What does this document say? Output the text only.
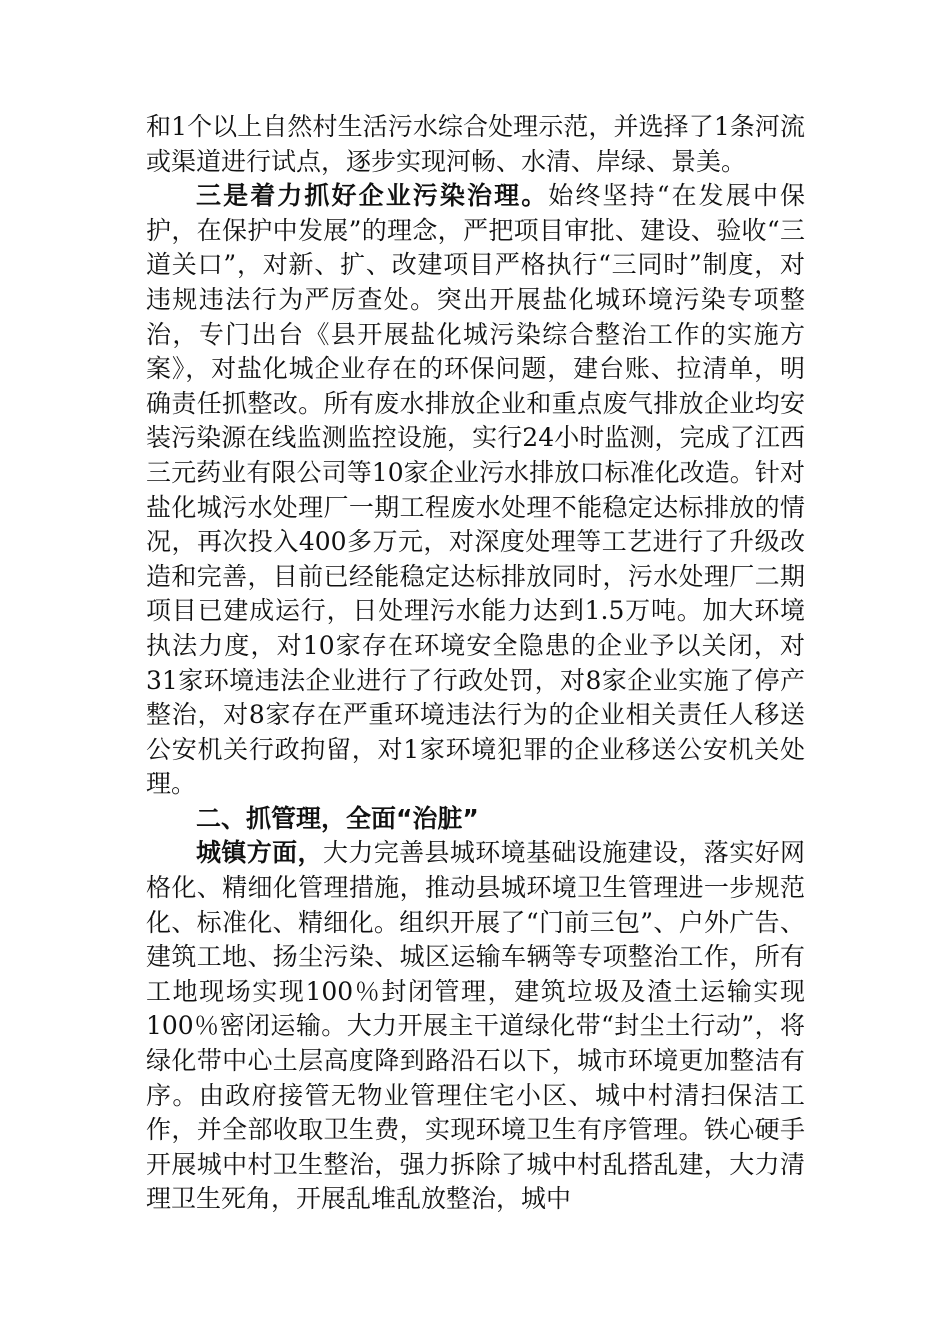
和1个以上自然村生活污水综合处理示范，并选择了1条河流或渠道进行试点，逐步实现河畅、水清、岸绿、景美。

三是着力抓好企业污染治理。始终坚持“在发展中保护，在保护中发展”的理念，严把项目审批、建设、验收“三道关口”，对新、扩、改建项目严格执行“三同时”制度，对违规违法行为严厉查处。突出开展盐化城环境污染专项整治，专门出台《县开展盐化城污染综合整治工作的实施方案》，对盐化城企业存在的环保问题，建台账、拉清单，明确责任抓整改。所有废水排放企业和重点废气排放企业均安装污染源在线监测监控设施，实行24小时监测，完成了江西三元药业有限公司等10家企业污水排放口标准化改造。针对盐化城污水处理厂一期工程废水处理不能稳定达标排放的情况，再次投入400多万元，对深度处理等工艺进行了升级改造和完善，目前已经能稳定达标排放同时，污水处理厂二期项目已建成运行，日处理污水能力达到1.5万吨。加大环境执法力度，对10家存在环境安全隐患的企业予以关闭，对31家环境违法企业进行了行政处罚，对8家企业实施了停产整治，对8家存在严重环境违法行为的企业相关责任人移送公安机关行政拘留，对1家环境犯罪的企业移送公安机关处理。

二、抓管理，全面“治脏”

城镇方面，大力完善县城环境基础设施建设，落实好网格化、精细化管理措施，推动县城环境卫生管理进一步规范化、标准化、精细化。组织开展了“门前三包”、户外广告、建筑工地、扬尘污染、城区运输车辆等专项整治工作，所有工地现场实现100％封闭管理，建筑垃圾及渣土运输实现100％密闭运输。大力开展主干道绿化带“封尘土行动”，将绿化带中心土层高度降到路沿石以下，城市环境更加整洁有序。由政府接管无物业管理住宅小区、城中村清扫保洁工作，并全部收取卫生费，实现环境卫生有序管理。铁心硬手开展城中村卫生整治，强力拆除了城中村乱搭乱建，大力清理卫生死角，开展乱堆乱放整治，城中
